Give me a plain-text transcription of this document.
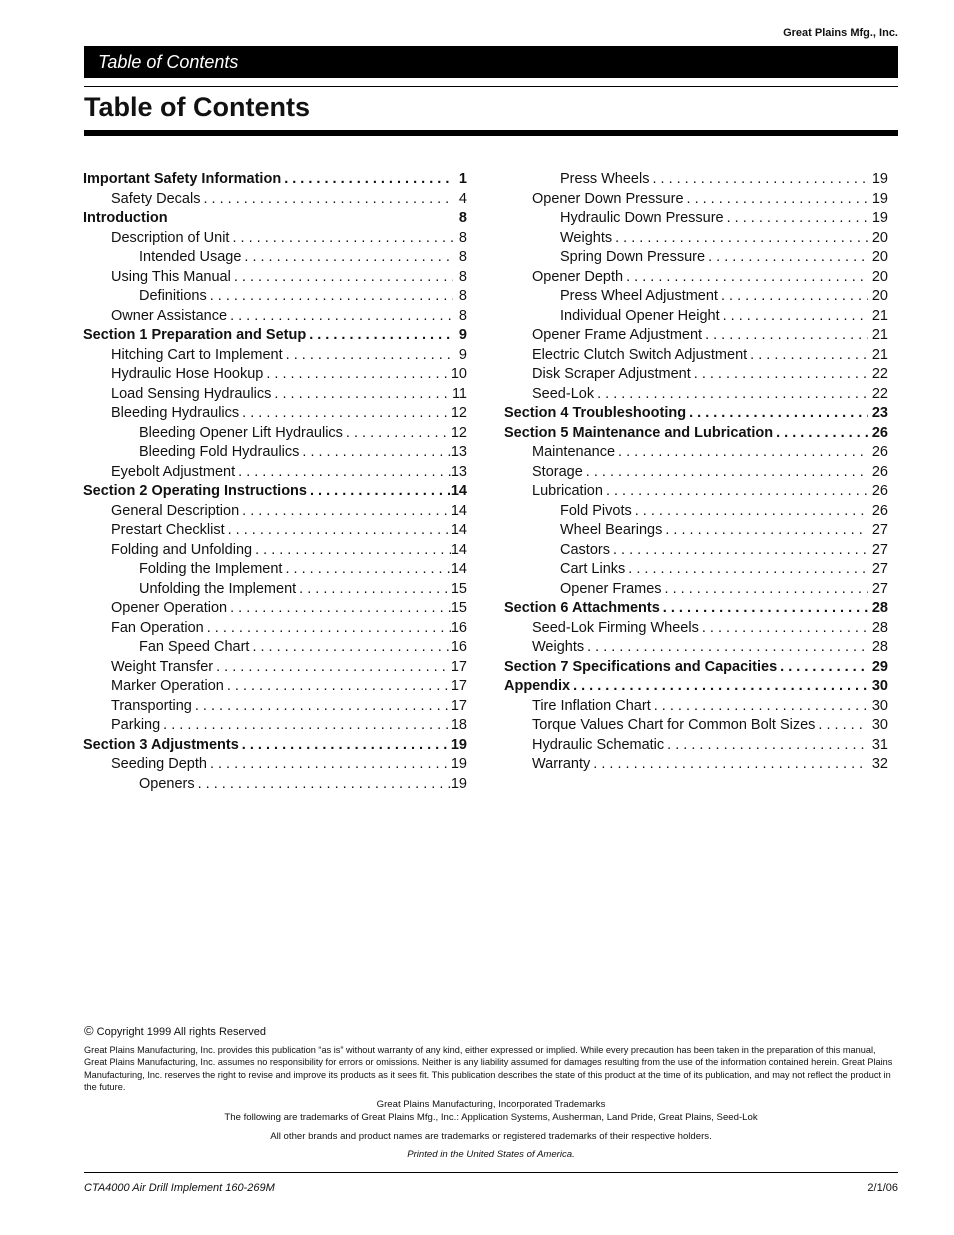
Great Plains Mfg., Inc.
Table of Contents
Table of Contents
Important Safety Information . . .	1
Safety Decals . . .	4
Introduction	8
Description of Unit . . .	8
Intended Usage . . .	8
Using This Manual . . .	8
Definitions . . .	8
Owner Assistance . . .	8
Section 1 Preparation and Setup . . .	9
Hitching Cart to Implement . . .	9
Hydraulic Hose Hookup . . .	10
Load Sensing Hydraulics . . .	11
Bleeding Hydraulics . . .	12
Bleeding Opener Lift Hydraulics . . .	12
Bleeding Fold Hydraulics . . .	13
Eyebolt Adjustment . . .	13
Section 2 Operating Instructions . . .	14
General Description . . .	14
Prestart Checklist . . .	14
Folding and Unfolding . . .	14
Folding the Implement . . .	14
Unfolding the Implement . . .	15
Opener Operation . . .	15
Fan Operation . . .	16
Fan Speed Chart . . .	16
Weight Transfer . . .	17
Marker Operation . . .	17
Transporting . . .	17
Parking . . .	18
Section 3 Adjustments . . .	19
Seeding Depth . . .	19
Openers . . .	19
Press Wheels . . .	19
Opener Down Pressure . . .	19
Hydraulic Down Pressure . . .	19
Weights . . .	20
Spring Down Pressure . . .	20
Opener Depth . . .	20
Press Wheel Adjustment . . .	20
Individual Opener Height . . .	21
Opener Frame Adjustment . . .	21
Electric Clutch Switch Adjustment . . .	21
Disk Scraper Adjustment . . .	22
Seed-Lok . . .	22
Section 4 Troubleshooting . . .	23
Section 5 Maintenance and Lubrication . . .	26
Maintenance . . .	26
Storage . . .	26
Lubrication . . .	26
Fold Pivots . . .	26
Wheel Bearings . . .	27
Castors . . .	27
Cart Links . . .	27
Opener Frames . . .	27
Section 6 Attachments . . .	28
Seed-Lok Firming Wheels . . .	28
Weights . . .	28
Section 7 Specifications and Capacities . . .	29
Appendix . . .	30
Tire Inflation Chart . . .	30
Torque Values Chart for Common Bolt Sizes . . .	30
Hydraulic Schematic . . .	31
Warranty . . .	32
© Copyright 1999 All rights Reserved
Great Plains Manufacturing, Inc. provides this publication “as is” without warranty of any kind, either expressed or implied. While every precaution has been taken in the preparation of this manual, Great Plains Manufacturing, Inc. assumes no responsibility for errors or omissions. Neither is any liability assumed for damages resulting from the use of the information contained herein. Great Plains Manufacturing, Inc. reserves the right to revise and improve its products as it sees fit. This publication describes the state of this product at the time of its publication, and may not reflect the product in the future.
Great Plains Manufacturing, Incorporated Trademarks
The following are trademarks of Great Plains Mfg., Inc.: Application Systems, Ausherman, Land Pride, Great Plains, Seed-Lok
All other brands and product names are trademarks or registered trademarks of their respective holders.
Printed in the United States of America.
CTA4000 Air Drill Implement 160-269M	2/1/06
